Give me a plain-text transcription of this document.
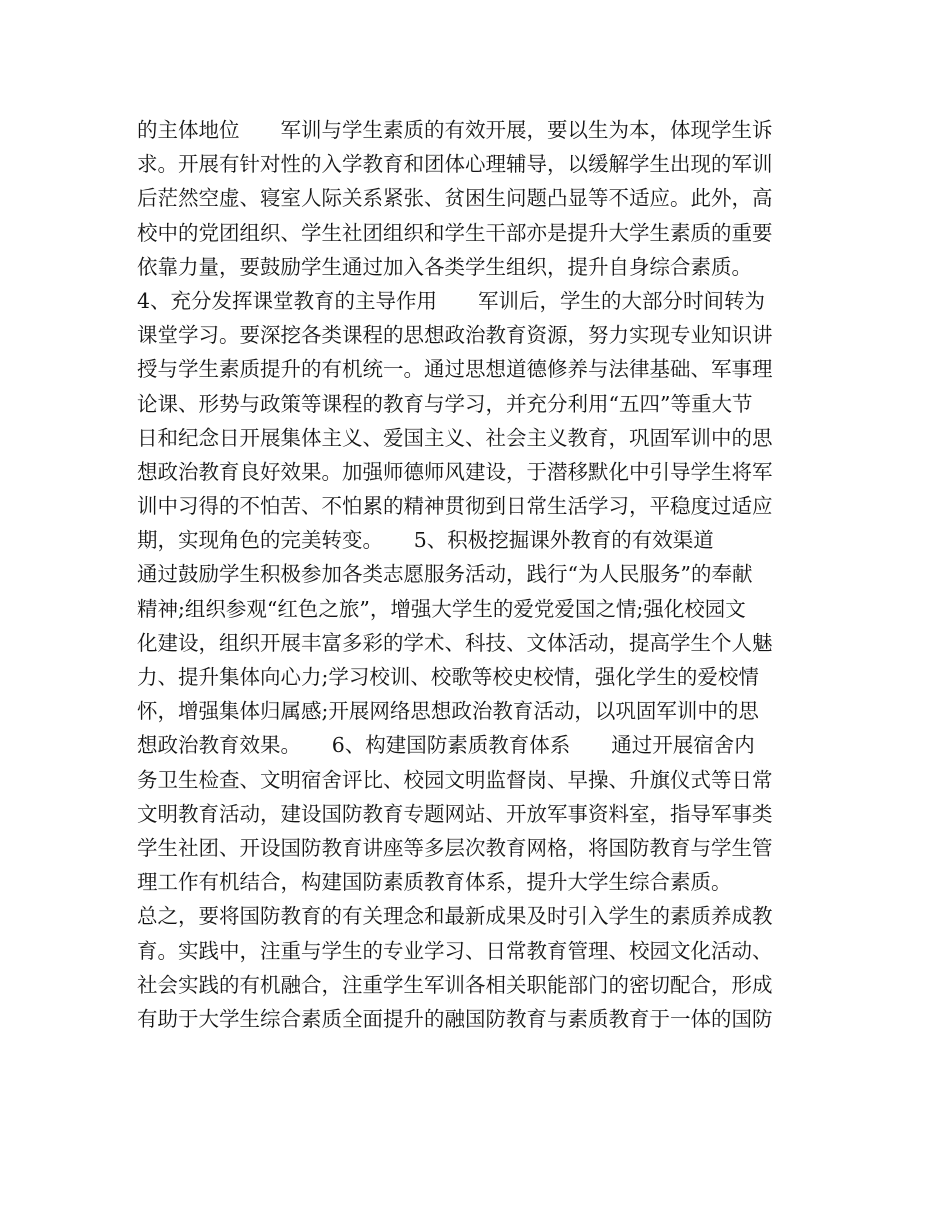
的主体地位　　军训与学生素质的有效开展，要以生为本，体现学生诉
求。开展有针对性的入学教育和团体心理辅导，以缓解学生出现的军训
后茫然空虚、寝室人际关系紧张、贫困生问题凸显等不适应。此外，高
校中的党团组织、学生社团组织和学生干部亦是提升大学生素质的重要
依靠力量，要鼓励学生通过加入各类学生组织，提升自身综合素质。
4、充分发挥课堂教育的主导作用　　军训后，学生的大部分时间转为
课堂学习。要深挖各类课程的思想政治教育资源，努力实现专业知识讲
授与学生素质提升的有机统一。通过思想道德修养与法律基础、军事理
论课、形势与政策等课程的教育与学习，并充分利用“五四”等重大节
日和纪念日开展集体主义、爱国主义、社会主义教育，巩固军训中的思
想政治教育良好效果。加强师德师风建设，于潜移默化中引导学生将军
训中习得的不怕苦、不怕累的精神贯彻到日常生活学习，平稳度过适应
期，实现角色的完美转变。　　5、积极挖掘课外教育的有效渠道
通过鼓励学生积极参加各类志愿服务活动，践行“为人民服务”的奉献
精神;组织参观“红色之旅”，增强大学生的爱党爱国之情;强化校园文
化建设，组织开展丰富多彩的学术、科技、文体活动，提高学生个人魅
力、提升集体向心力;学习校训、校歌等校史校情，强化学生的爱校情
怀，增强集体归属感;开展网络思想政治教育活动，以巩固军训中的思
想政治教育效果。　　6、构建国防素质教育体系　　通过开展宿舍内
务卫生检查、文明宿舍评比、校园文明监督岗、早操、升旗仪式等日常
文明教育活动，建设国防教育专题网站、开放军事资料室，指导军事类
学生社团、开设国防教育讲座等多层次教育网格，将国防教育与学生管
理工作有机结合，构建国防素质教育体系，提升大学生综合素质。
总之，要将国防教育的有关理念和最新成果及时引入学生的素质养成教
育。实践中，注重与学生的专业学习、日常教育管理、校园文化活动、
社会实践的有机融合，注重学生军训各相关职能部门的密切配合，形成
有助于大学生综合素质全面提升的融国防教育与素质教育于一体的国防
